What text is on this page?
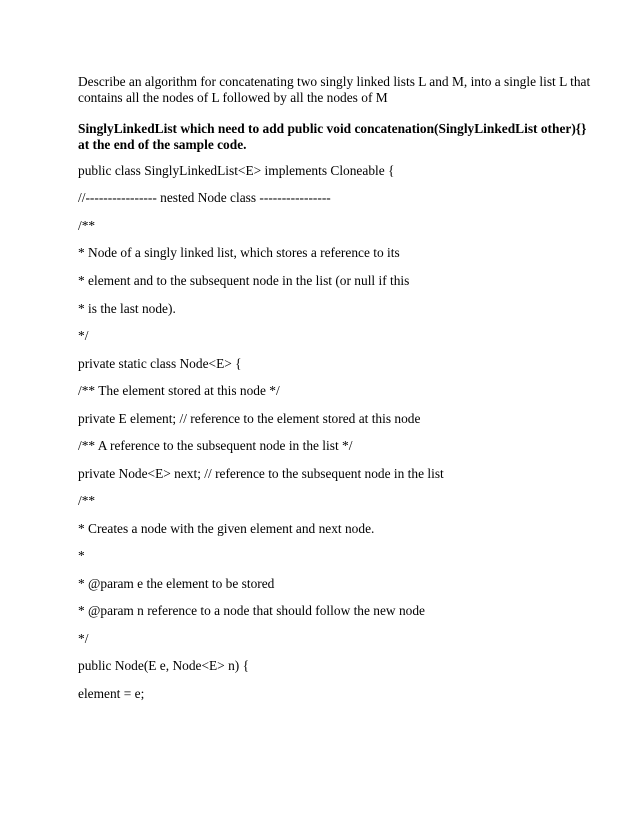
Describe an algorithm for concatenating two singly linked lists L and M, into a single list L that
contains all the nodes of L followed by all the nodes of M
SinglyLinkedList which need to add public void concatenation(SinglyLinkedList other){}
at the end of the sample code.
public class SinglyLinkedList<E> implements Cloneable {
//---------------- nested Node class ----------------
/**
* Node of a singly linked list, which stores a reference to its
* element and to the subsequent node in the list (or null if this
* is the last node).
*/
private static class Node<E> {
/** The element stored at this node */
private E element; // reference to the element stored at this node
/** A reference to the subsequent node in the list */
private Node<E> next; // reference to the subsequent node in the list
/**
* Creates a node with the given element and next node.
*
* @param e the element to be stored
* @param n reference to a node that should follow the new node
*/
public Node(E e, Node<E> n) {
element = e;
